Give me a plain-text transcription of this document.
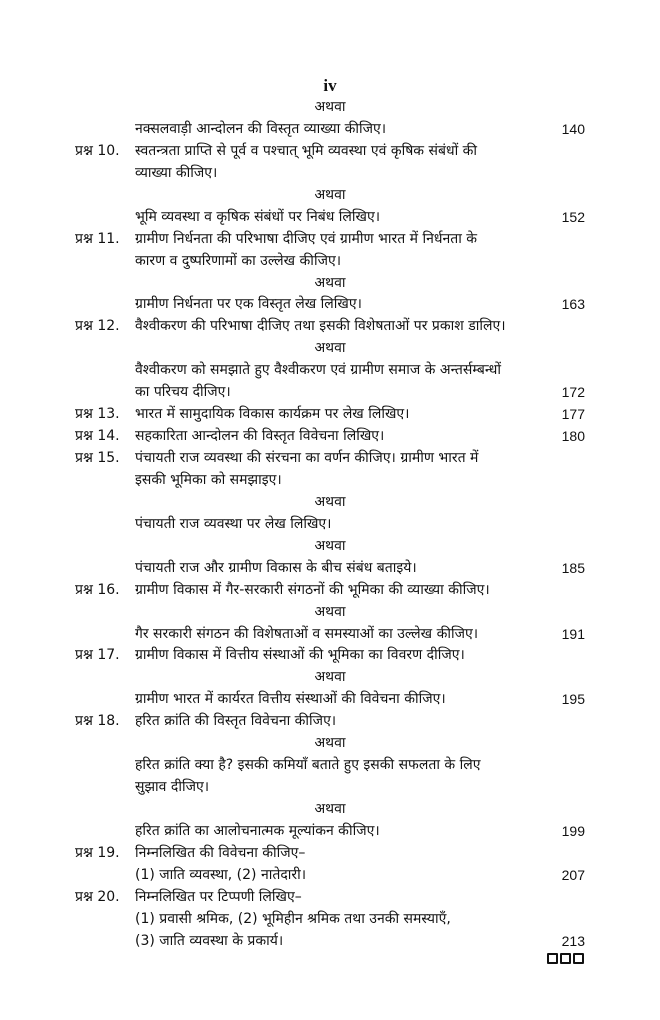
iv
अथवा
नक्सलवाड़ी आन्दोलन की विस्तृत व्याख्या कीजिए।	140
प्रश्न 10. स्वतन्त्रता प्राप्ति से पूर्व व पश्चात् भूमि व्यवस्था एवं कृषिक संबंधों की
व्याख्या कीजिए।
अथवा
भूमि व्यवस्था व कृषिक संबंधों पर निबंध लिखिए।	152
प्रश्न 11. ग्रामीण निर्धनता की परिभाषा दीजिए एवं ग्रामीण भारत में निर्धनता के
कारण व दुष्परिणामों का उल्लेख कीजिए।
अथवा
ग्रामीण निर्धनता पर एक विस्तृत लेख लिखिए।	163
प्रश्न 12. वैश्वीकरण की परिभाषा दीजिए तथा इसकी विशेषताओं पर प्रकाश डालिए।
अथवा
वैश्वीकरण को समझाते हुए वैश्वीकरण एवं ग्रामीण समाज के अन्तर्सम्बन्धों
का परिचय दीजिए।	172
प्रश्न 13. भारत में सामुदायिक विकास कार्यक्रम पर लेख लिखिए।	177
प्रश्न 14. सहकारिता आन्दोलन की विस्तृत विवेचना लिखिए।	180
प्रश्न 15. पंचायती राज व्यवस्था की संरचना का वर्णन कीजिए। ग्रामीण भारत में
इसकी भूमिका को समझाइए।
अथवा
पंचायती राज व्यवस्था पर लेख लिखिए।
अथवा
पंचायती राज और ग्रामीण विकास के बीच संबंध बताइये।	185
प्रश्न 16. ग्रामीण विकास में गैर-सरकारी संगठनों की भूमिका की व्याख्या कीजिए।
अथवा
गैर सरकारी संगठन की विशेषताओं व समस्याओं का उल्लेख कीजिए।	191
प्रश्न 17. ग्रामीण विकास में वित्तीय संस्थाओं की भूमिका का विवरण दीजिए।
अथवा
ग्रामीण भारत में कार्यरत वित्तीय संस्थाओं की विवेचना कीजिए।	195
प्रश्न 18. हरित क्रांति की विस्तृत विवेचना कीजिए।
अथवा
हरित क्रांति क्या है? इसकी कमियाँ बताते हुए इसकी सफलता के लिए
सुझाव दीजिए।
अथवा
हरित क्रांति का आलोचनात्मक मूल्यांकन कीजिए।	199
प्रश्न 19. निम्नलिखित की विवेचना कीजिए–
(1) जाति व्यवस्था, (2) नातेदारी।	207
प्रश्न 20. निम्नलिखित पर टिप्पणी लिखिए–
(1) प्रवासी श्रमिक, (2) भूमिहीन श्रमिक तथा उनकी समस्याएँ,
(3) जाति व्यवस्था के प्रकार्य।	213
